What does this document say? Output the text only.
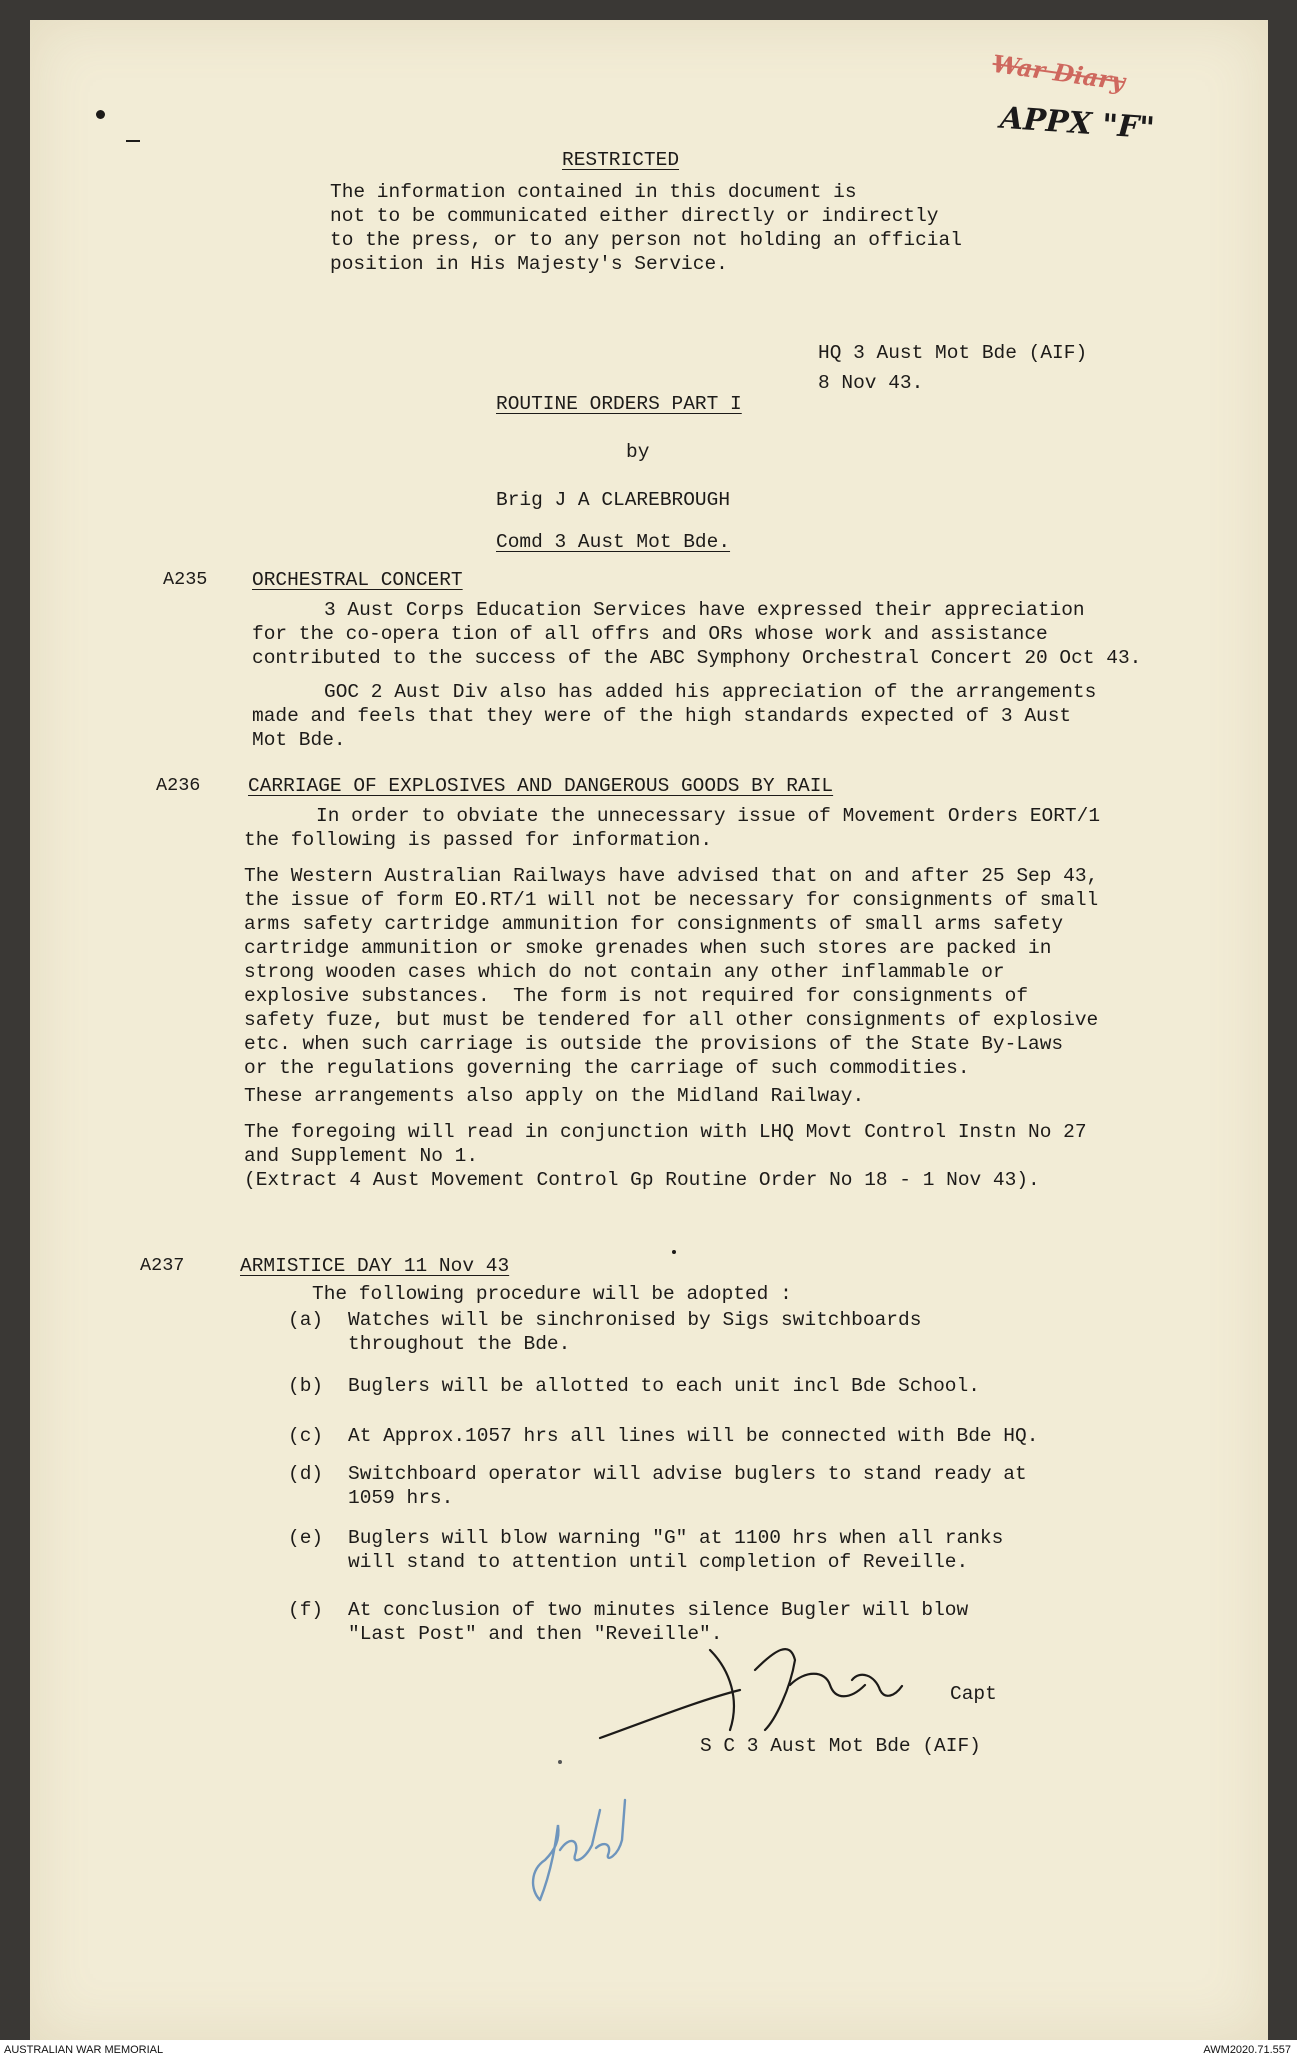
War Diary
APPX "F"
RESTRICTED
The information contained in this document is
not to be communicated either directly or indirectly
to the press, or to any person not holding an official
position in His Majesty's Service.
HQ 3 Aust Mot Bde (AIF)
8 Nov 43.
ROUTINE ORDERS PART I
by
Brig J A CLAREBROUGH
Comd 3 Aust Mot Bde.
A235 ORCHESTRAL CONCERT
3 Aust Corps Education Services have expressed their appreciation
for the co-opera tion of all offrs and ORs whose work and assistance
contributed to the success of the ABC Symphony Orchestral Concert 20 Oct 43.
GOC 2 Aust Div also has added his appreciation of the arrangements
made and feels that they were of the high standards expected of 3 Aust
Mot Bde.
A236 CARRIAGE OF EXPLOSIVES AND DANGEROUS GOODS BY RAIL
In order to obviate the unnecessary issue of Movement Orders EORT/1
the following is passed for information.
The Western Australian Railways have advised that on and after 25 Sep 43,
the issue of form EO.RT/1 will not be necessary for consignments of small
arms safety cartridge ammunition for consignments of small arms safety
cartridge ammunition or smoke grenades when such stores are packed in
strong wooden cases which do not contain any other inflammable or
explosive substances.  The form is not required for consignments of
safety fuze, but must be tendered for all other consignments of explosive
etc. when such carriage is outside the provisions of the State By-Laws
or the regulations governing the carriage of such commodities.
These arrangements also apply on the Midland Railway.
The foregoing will read in conjunction with LHQ Movt Control Instn No 27
and Supplement No 1.
(Extract 4 Aust Movement Control Gp Routine Order No 18 - 1 Nov 43).
A237	ARMISTICE DAY 11 Nov 43
The following procedure will be adopted :
(a) Watches will be sinchronised by Sigs switchboards
throughout the Bde.
(b) Buglers will be allotted to each unit incl Bde School.
(c) At Approx.1057 hrs all lines will be connected with Bde HQ.
(d) Switchboard operator will advise buglers to stand ready at
1059 hrs.
(e) Buglers will blow warning "G" at 1100 hrs when all ranks
will stand to attention until completion of Reveille.
(f) At conclusion of two minutes silence Bugler will blow
"Last Post" and then "Reveille".
Capt
S C 3 Aust Mot Bde (AIF)
AUSTRALIAN WAR MEMORIAL	AWM2020.71.557
